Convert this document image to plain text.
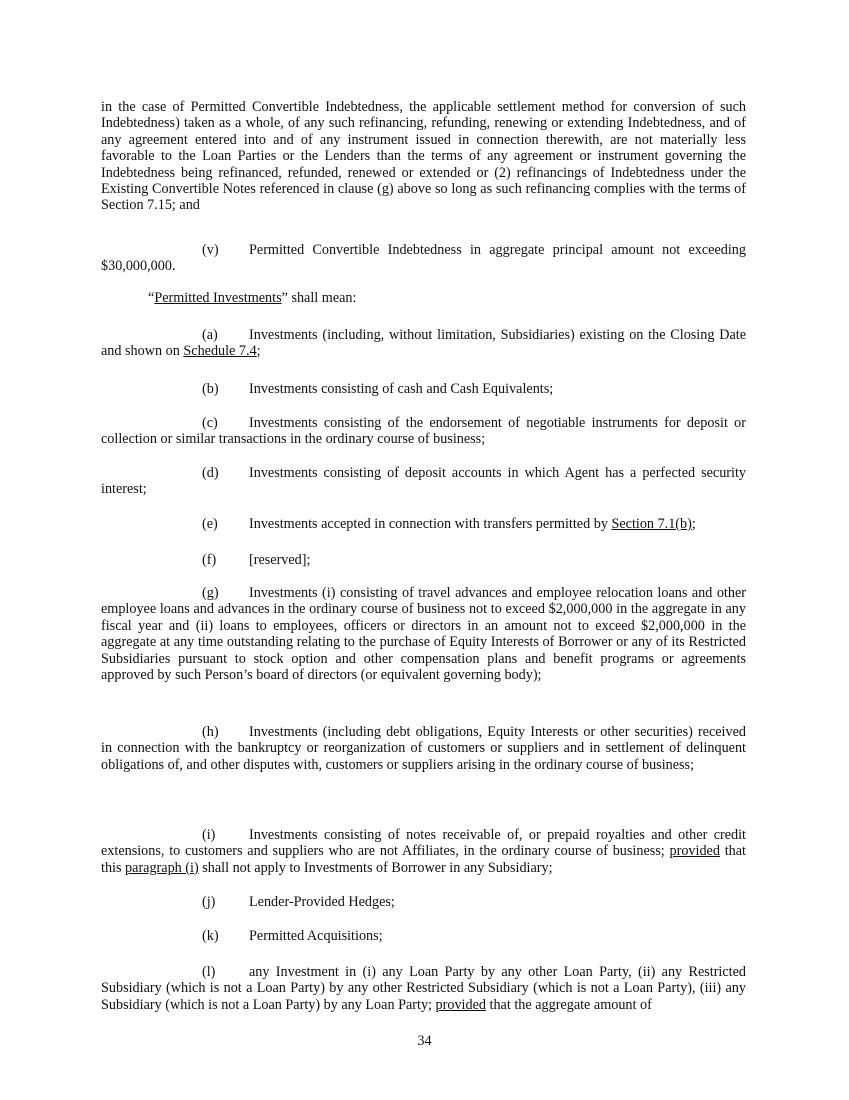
in the case of Permitted Convertible Indebtedness, the applicable settlement method for conversion of such Indebtedness) taken as a whole, of any such refinancing, refunding, renewing or extending Indebtedness, and of any agreement entered into and of any instrument issued in connection therewith, are not materially less favorable to the Loan Parties or the Lenders than the terms of any agreement or instrument governing the Indebtedness being refinanced, refunded, renewed or extended or (2) refinancings of Indebtedness under the Existing Convertible Notes referenced in clause (g) above so long as such refinancing complies with the terms of Section 7.15; and

(v) Permitted Convertible Indebtedness in aggregate principal amount not exceeding $30,000,000.

“Permitted Investments” shall mean:

(a) Investments (including, without limitation, Subsidiaries) existing on the Closing Date and shown on Schedule 7.4;

(b) Investments consisting of cash and Cash Equivalents;

(c) Investments consisting of the endorsement of negotiable instruments for deposit or collection or similar transactions in the ordinary course of business;

(d) Investments consisting of deposit accounts in which Agent has a perfected security interest;

(e) Investments accepted in connection with transfers permitted by Section 7.1(b);

(f) [reserved];

(g) Investments (i) consisting of travel advances and employee relocation loans and other employee loans and advances in the ordinary course of business not to exceed $2,000,000 in the aggregate in any fiscal year and (ii) loans to employees, officers or directors in an amount not to exceed $2,000,000 in the aggregate at any time outstanding relating to the purchase of Equity Interests of Borrower or any of its Restricted Subsidiaries pursuant to stock option and other compensation plans and benefit programs or agreements approved by such Person’s board of directors (or equivalent governing body);

(h) Investments (including debt obligations, Equity Interests or other securities) received in connection with the bankruptcy or reorganization of customers or suppliers and in settlement of delinquent obligations of, and other disputes with, customers or suppliers arising in the ordinary course of business;

(i) Investments consisting of notes receivable of, or prepaid royalties and other credit extensions, to customers and suppliers who are not Affiliates, in the ordinary course of business; provided that this paragraph (i) shall not apply to Investments of Borrower in any Subsidiary;

(j) Lender-Provided Hedges;

(k) Permitted Acquisitions;

(l) any Investment in (i) any Loan Party by any other Loan Party, (ii) any Restricted Subsidiary (which is not a Loan Party) by any other Restricted Subsidiary (which is not a Loan Party), (iii) any Subsidiary (which is not a Loan Party) by any Loan Party; provided that the aggregate amount of

34
